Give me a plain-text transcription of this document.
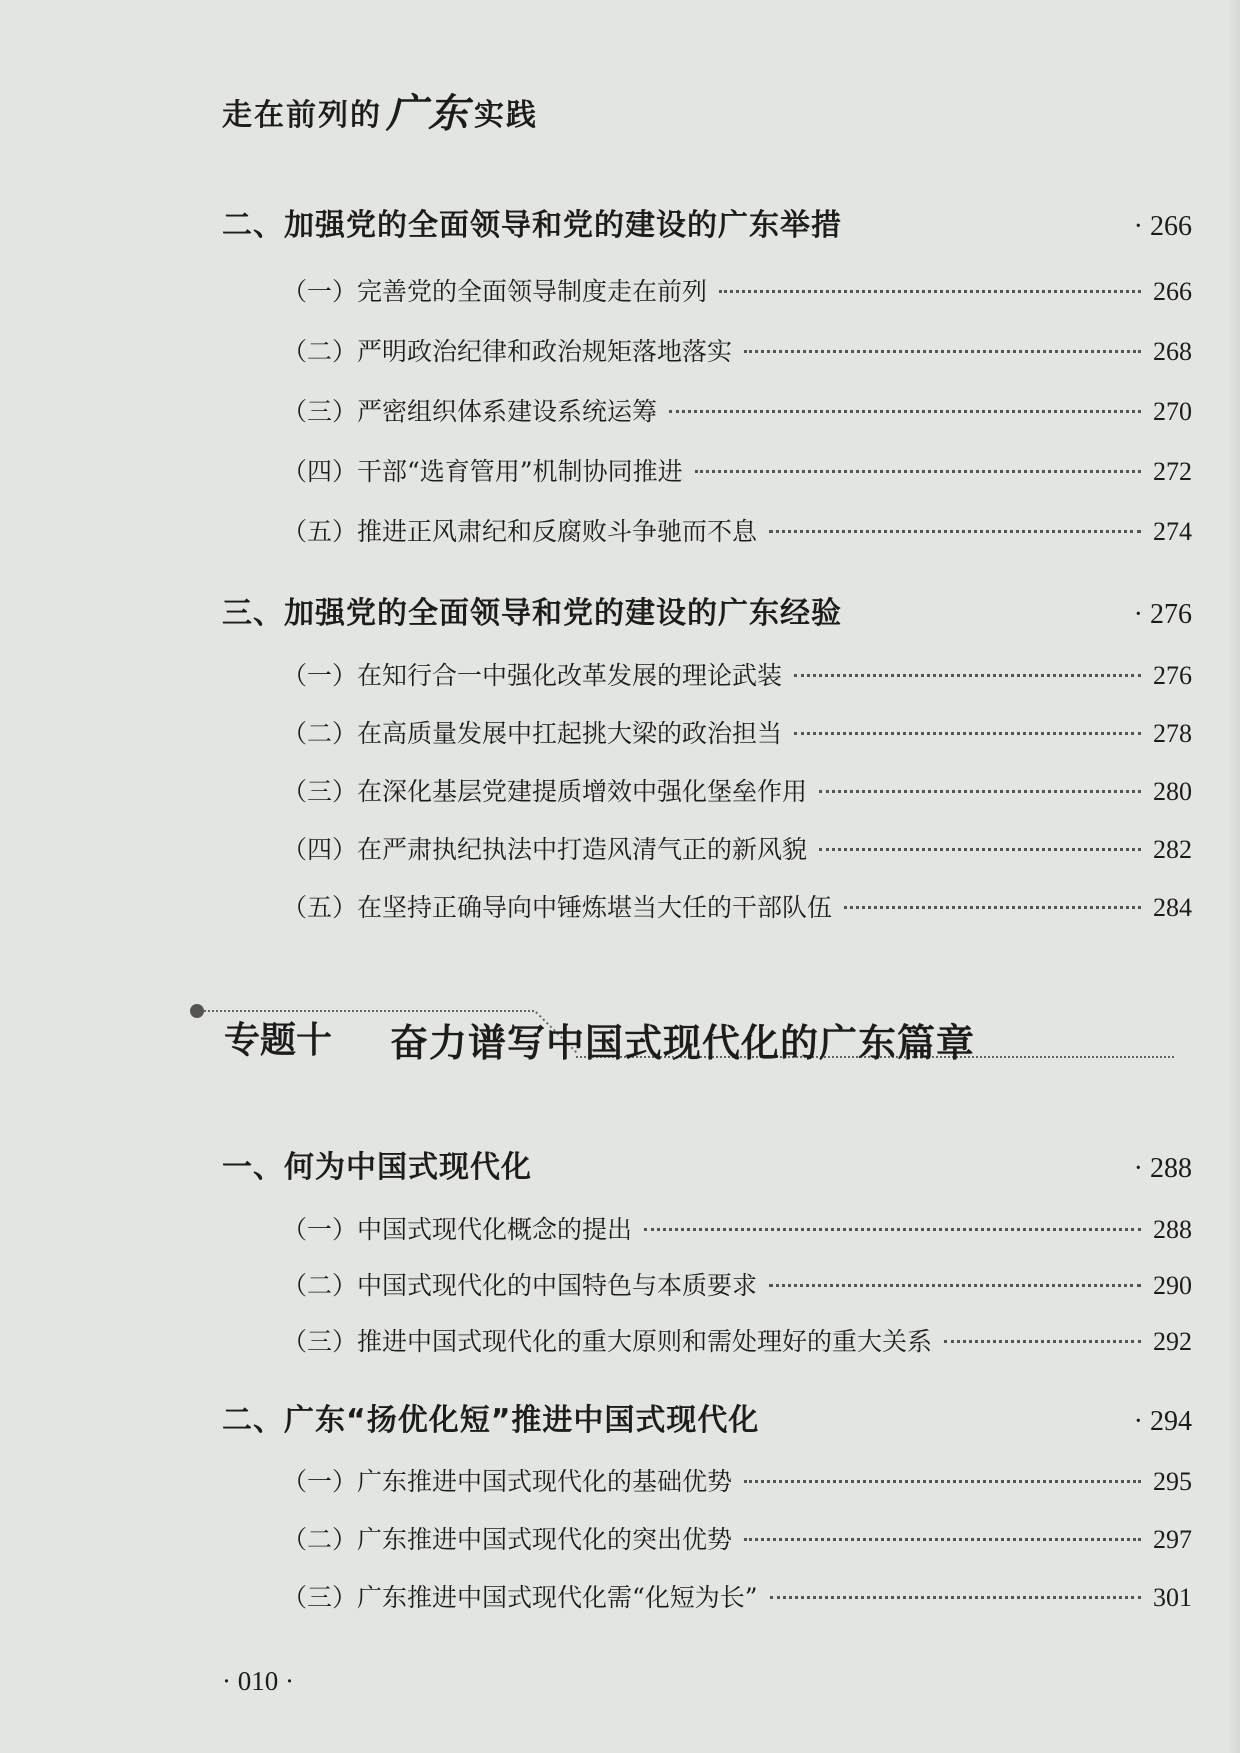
走在前列的 广东 实践
二、加强党的全面领导和党的建设的广东举措	· 266
（一）完善党的全面领导制度走在前列	266
（二）严明政治纪律和政治规矩落地落实	268
（三）严密组织体系建设系统运筹	270
（四）干部“选育管用”机制协同推进	272
（五）推进正风肃纪和反腐败斗争驰而不息	274
三、加强党的全面领导和党的建设的广东经验	· 276
（一）在知行合一中强化改革发展的理论武装	276
（二）在高质量发展中扛起挑大梁的政治担当	278
（三）在深化基层党建提质增效中强化堡垒作用	280
（四）在严肃执纪执法中打造风清气正的新风貌	282
（五）在坚持正确导向中锤炼堪当大任的干部队伍	284
专题十 奋力谱写中国式现代化的广东篇章
一、何为中国式现代化	· 288
（一）中国式现代化概念的提出	288
（二）中国式现代化的中国特色与本质要求	290
（三）推进中国式现代化的重大原则和需处理好的重大关系	292
二、广东“扬优化短”推进中国式现代化	· 294
（一）广东推进中国式现代化的基础优势	295
（二）广东推进中国式现代化的突出优势	297
（三）广东推进中国式现代化需“化短为长”	301
· 010 ·
